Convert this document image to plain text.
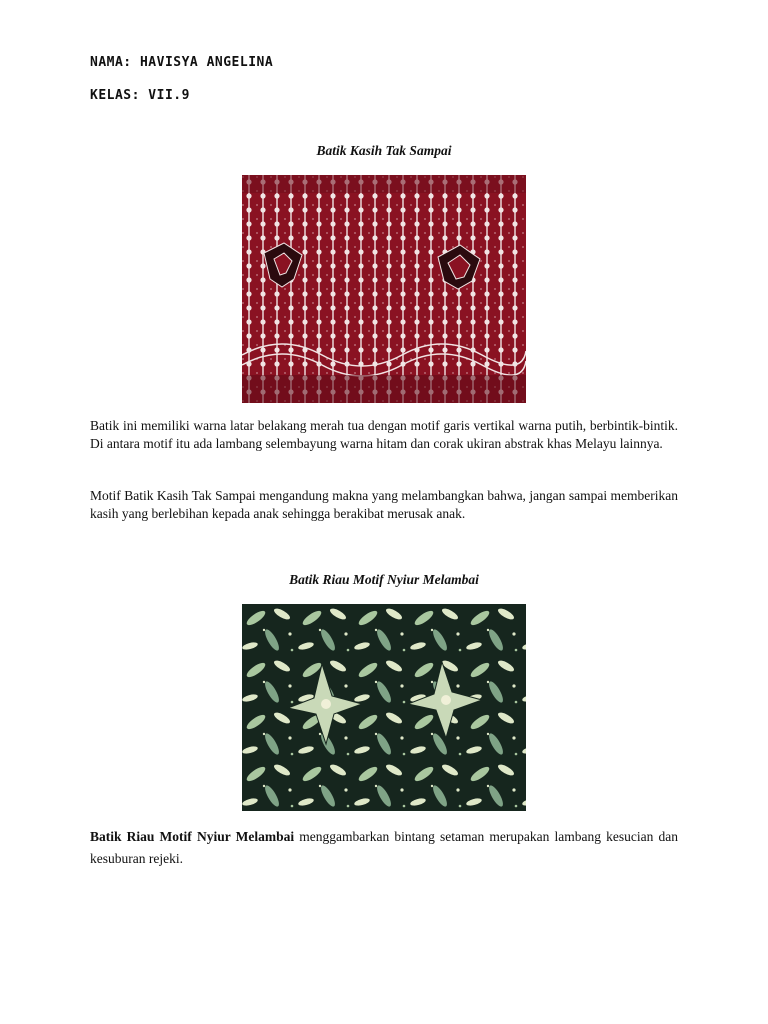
NAMA: HAVISYA ANGELINA
KELAS: VII.9
Batik Kasih Tak Sampai

Batik ini memiliki warna latar belakang merah tua dengan motif garis vertikal warna putih, berbintik-bintik. Di antara motif itu ada lambang selembayung warna hitam dan corak ukiran abstrak khas Melayu lainnya.

Motif Batik Kasih Tak Sampai mengandung makna yang melambangkan bahwa, jangan sampai memberikan kasih yang berlebihan kepada anak sehingga berakibat merusak anak.

Batik Riau Motif Nyiur Melambai

Batik Riau Motif Nyiur Melambai menggambarkan bintang setaman merupakan lambang kesucian dan kesuburan rejeki.
